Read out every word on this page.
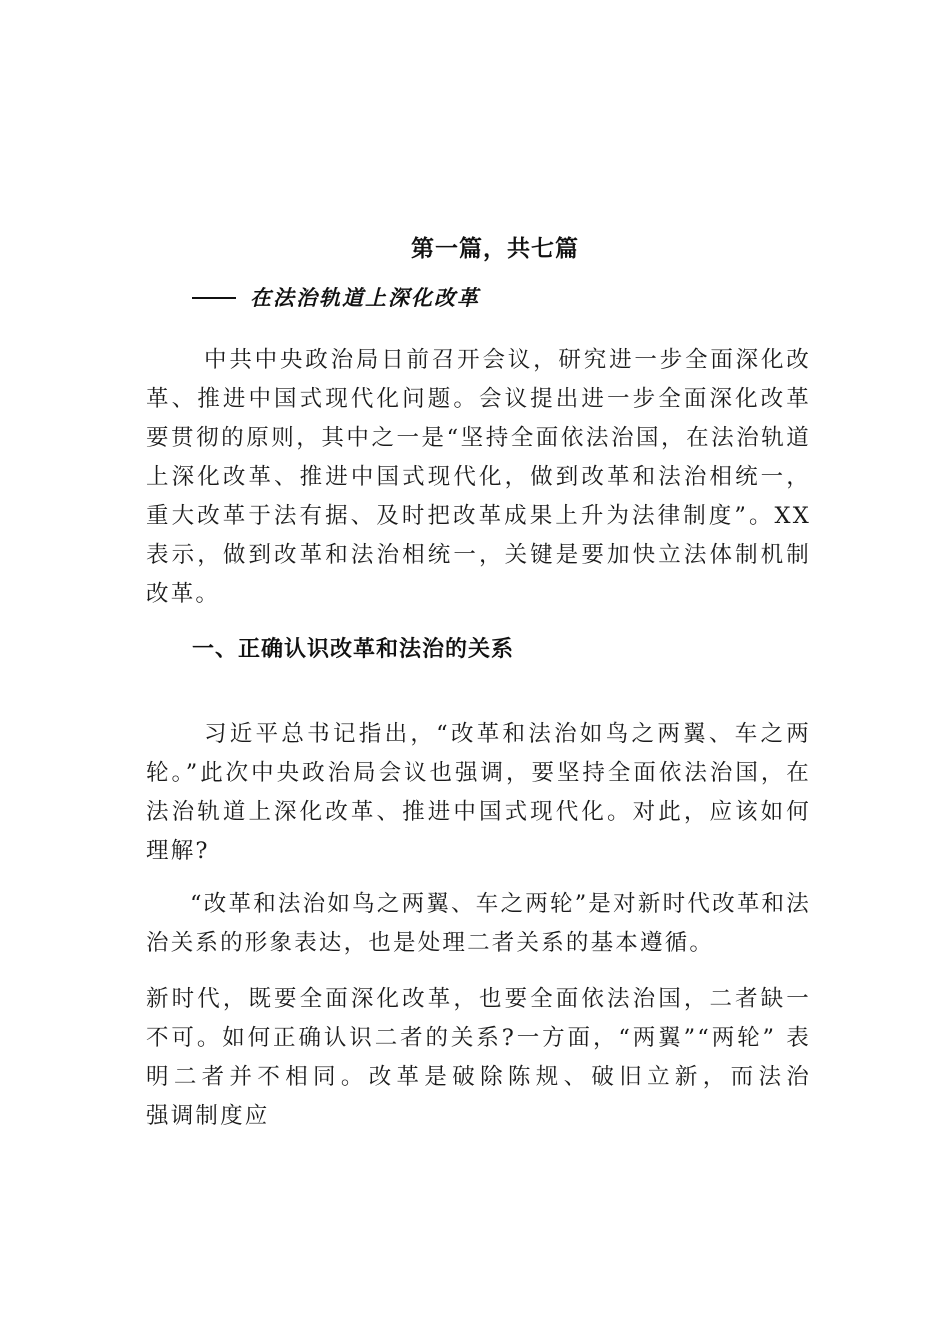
第一篇，共七篇
在法治轨道上深化改革
中共中央政治局日前召开会议，研究进一步全面深化改革、推进中国式现代化问题。会议提出进一步全面深化改革要贯彻的原则，其中之一是“坚持全面依法治国，在法治轨道上深化改革、推进中国式现代化，做到改革和法治相统一，重大改革于法有据、及时把改革成果上升为法律制度”。XX 表示，做到改革和法治相统一，关键是要加快立法体制机制改革。
一、正确认识改革和法治的关系
习近平总书记指出，“改革和法治如鸟之两翼、车之两轮。”此次中央政治局会议也强调，要坚持全面依法治国，在法治轨道上深化改革、推进中国式现代化。对此，应该如何理解?
“改革和法治如鸟之两翼、车之两轮”是对新时代改革和法治关系的形象表达，也是处理二者关系的基本遵循。
新时代，既要全面深化改革，也要全面依法治国，二者缺一不可。如何正确认识二者的关系?一方面，“两翼”“两轮” 表明二者并不相同。改革是破除陈规、破旧立新，而法治　　强调制度应
